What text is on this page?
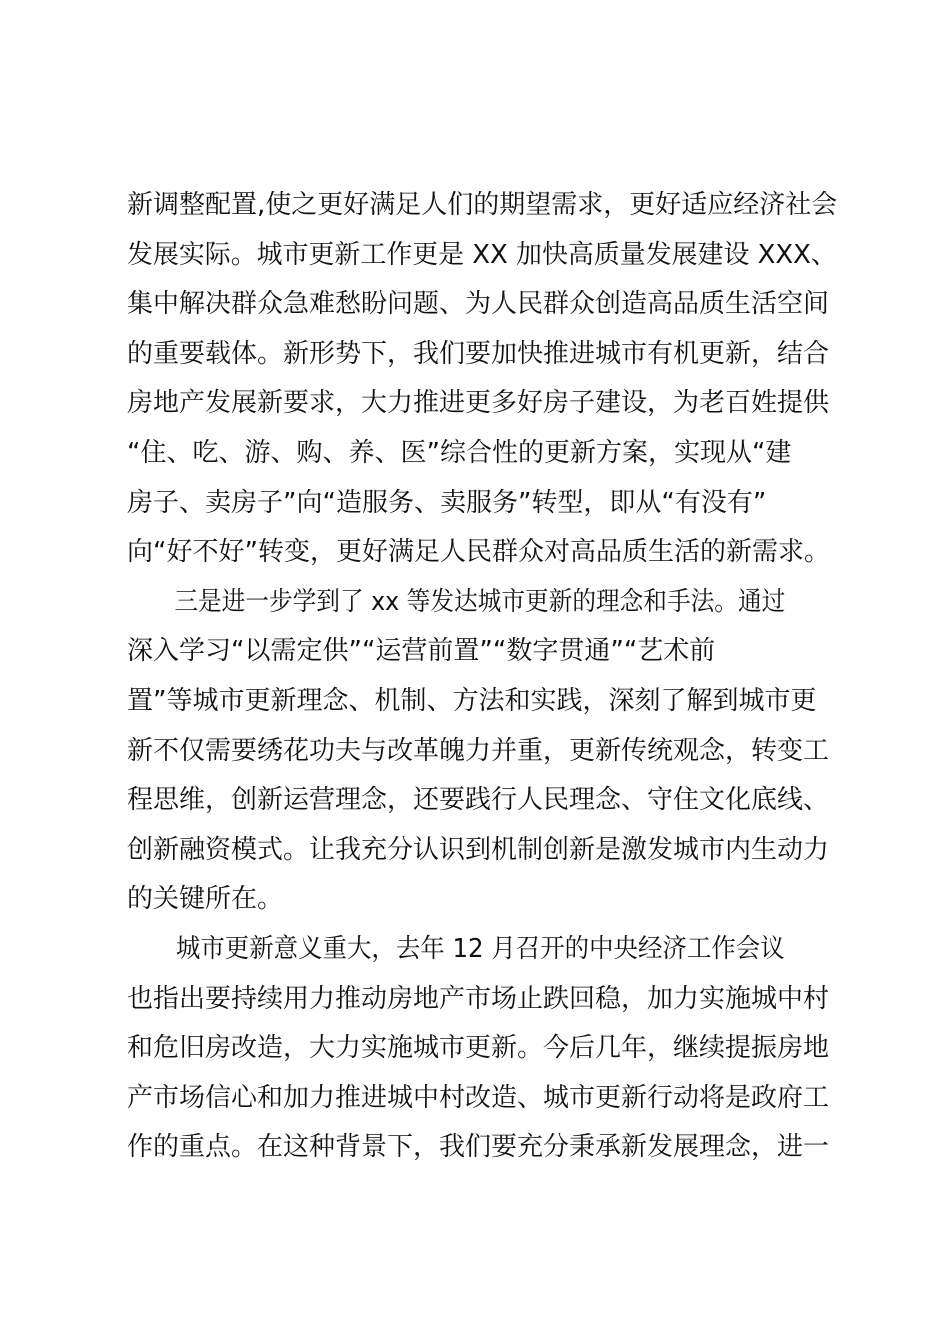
新调整配置,使之更好满足人们的期望需求，更好适应经济社会
发展实际。城市更新工作更是 XX 加快高质量发展建设 XXX、
集中解决群众急难愁盼问题、为人民群众创造高品质生活空间
的重要载体。新形势下，我们要加快推进城市有机更新，结合
房地产发展新要求，大力推进更多好房子建设，为老百姓提供
“住、吃、游、购、养、医”综合性的更新方案，实现从“建
房子、卖房子”向“造服务、卖服务”转型，即从“有没有”
向“好不好”转变，更好满足人民群众对高品质生活的新需求。
三是进一步学到了 xx 等发达城市更新的理念和手法。通过
深入学习“以需定供”“运营前置”“数字贯通”“艺术前
置”等城市更新理念、机制、方法和实践，深刻了解到城市更
新不仅需要绣花功夫与改革魄力并重，更新传统观念，转变工
程思维，创新运营理念，还要践行人民理念、守住文化底线、
创新融资模式。让我充分认识到机制创新是激发城市内生动力
的关键所在。
城市更新意义重大，去年 12 月召开的中央经济工作会议
也指出要持续用力推动房地产市场止跌回稳，加力实施城中村
和危旧房改造，大力实施城市更新。今后几年，继续提振房地
产市场信心和加力推进城中村改造、城市更新行动将是政府工
作的重点。在这种背景下，我们要充分秉承新发展理念，进一
